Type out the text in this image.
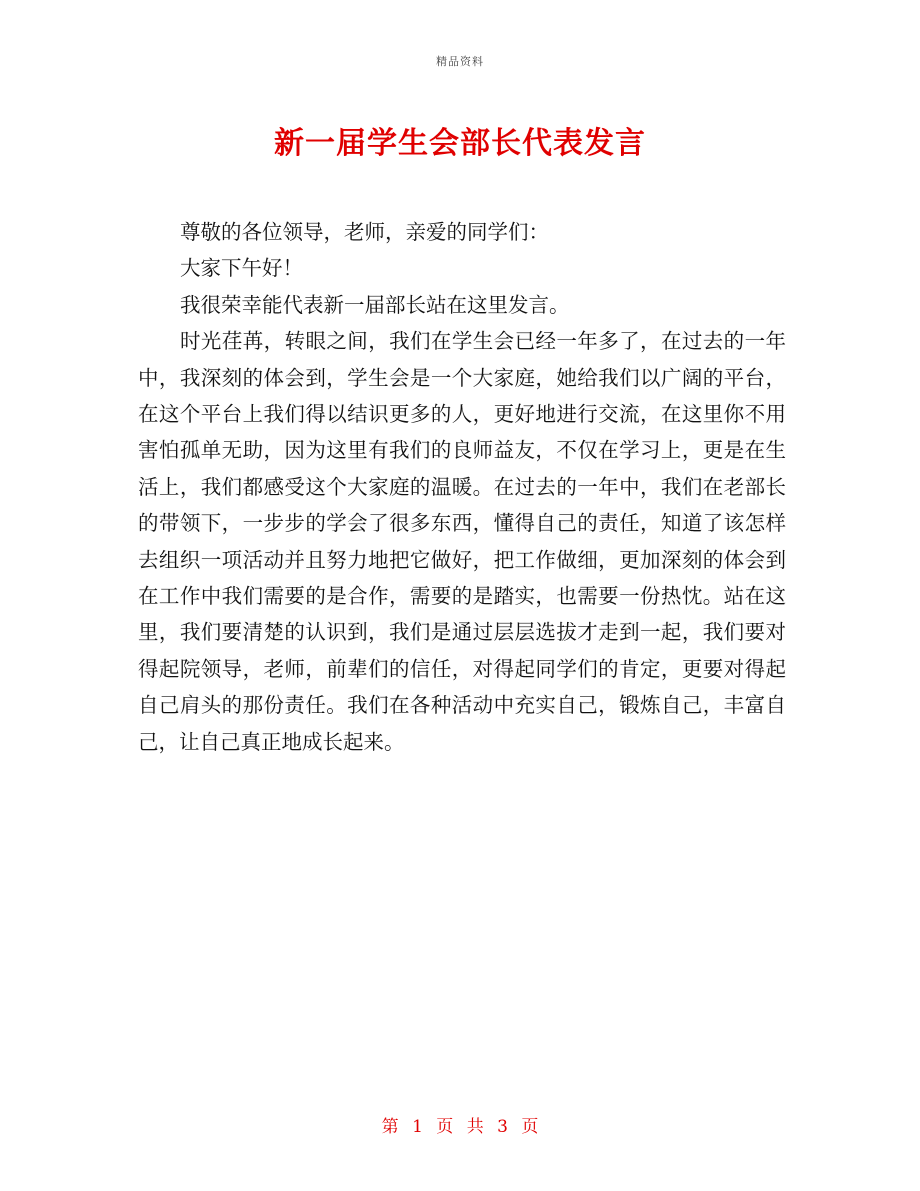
精品资料
新一届学生会部长代表发言

尊敬的各位领导，老师，亲爱的同学们：

大家下午好！

我很荣幸能代表新一届部长站在这里发言。

时光荏苒，转眼之间，我们在学生会已经一年多了，在过去的一年中，我深刻的体会到，学生会是一个大家庭，她给我们以广阔的平台，在这个平台上我们得以结识更多的人，更好地进行交流，在这里你不用害怕孤单无助，因为这里有我们的良师益友，不仅在学习上，更是在生活上，我们都感受这个大家庭的温暖。在过去的一年中，我们在老部长的带领下，一步步的学会了很多东西，懂得自己的责任，知道了该怎样去组织一项活动并且努力地把它做好，把工作做细，更加深刻的体会到在工作中我们需要的是合作，需要的是踏实，也需要一份热忱。站在这里，我们要清楚的认识到，我们是通过层层选拔才走到一起，我们要对得起院领导，老师，前辈们的信任，对得起同学们的肯定，更要对得起自己肩头的那份责任。我们在各种活动中充实自己，锻炼自己，丰富自己，让自己真正地成长起来。

第 1 页 共 3 页
